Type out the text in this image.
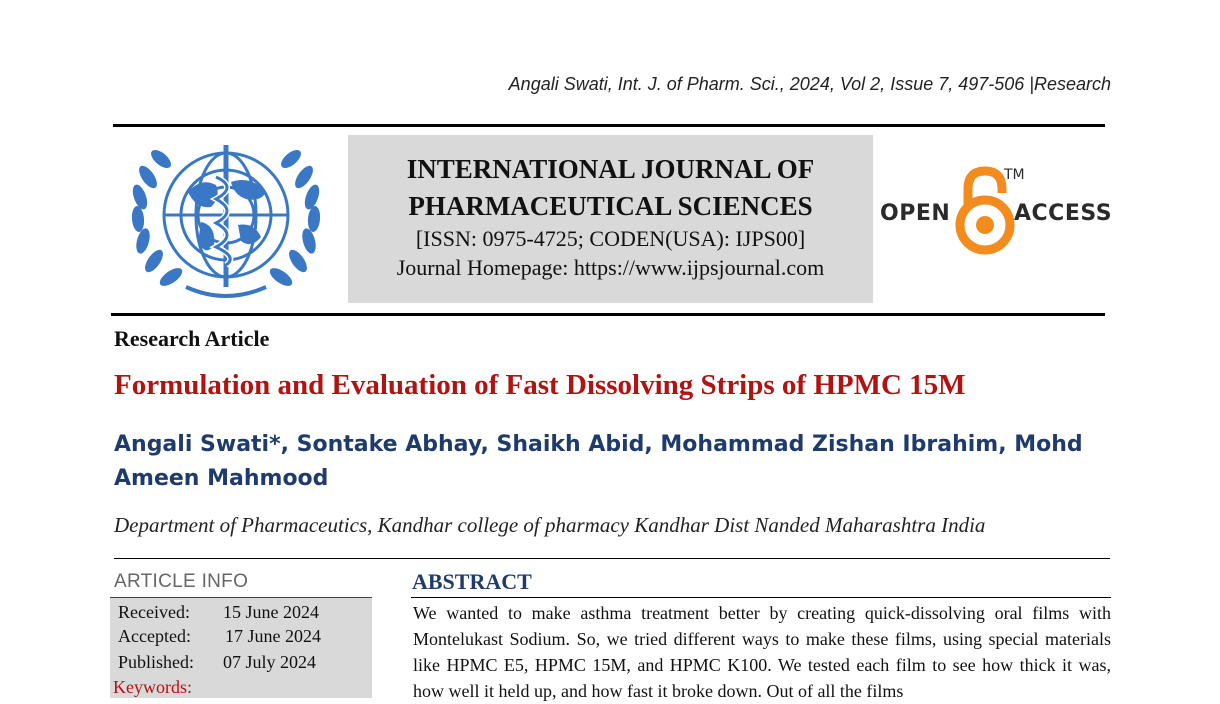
Angali Swati, Int. J. of Pharm. Sci., 2024, Vol 2, Issue 7, 497-506 |Research
INTERNATIONAL JOURNAL OF
PHARMACEUTICAL SCIENCES
[ISSN: 0975-4725; CODEN(USA): IJPS00]
Journal Homepage: https://www.ijpsjournal.com
OPEN
TM
ACCESS
Research Article
Formulation and Evaluation of Fast Dissolving Strips of HPMC 15M
Angali Swati*, Sontake Abhay, Shaikh Abid, Mohammad Zishan Ibrahim, Mohd Ameen Mahmood
Department of Pharmaceutics, Kandhar college of pharmacy Kandhar Dist Nanded Maharashtra India
ARTICLE INFO
Received: 15 June 2024
Accepted: 17 June 2024
Published: 07 July 2024
Keywords:
ABSTRACT
We wanted to make asthma treatment better by creating quick-dissolving oral films with Montelukast Sodium. So, we tried different ways to make these films, using special materials like HPMC E5, HPMC 15M, and HPMC K100. We tested each film to see how thick it was, how well it held up, and how fast it broke down. Out of all the films
